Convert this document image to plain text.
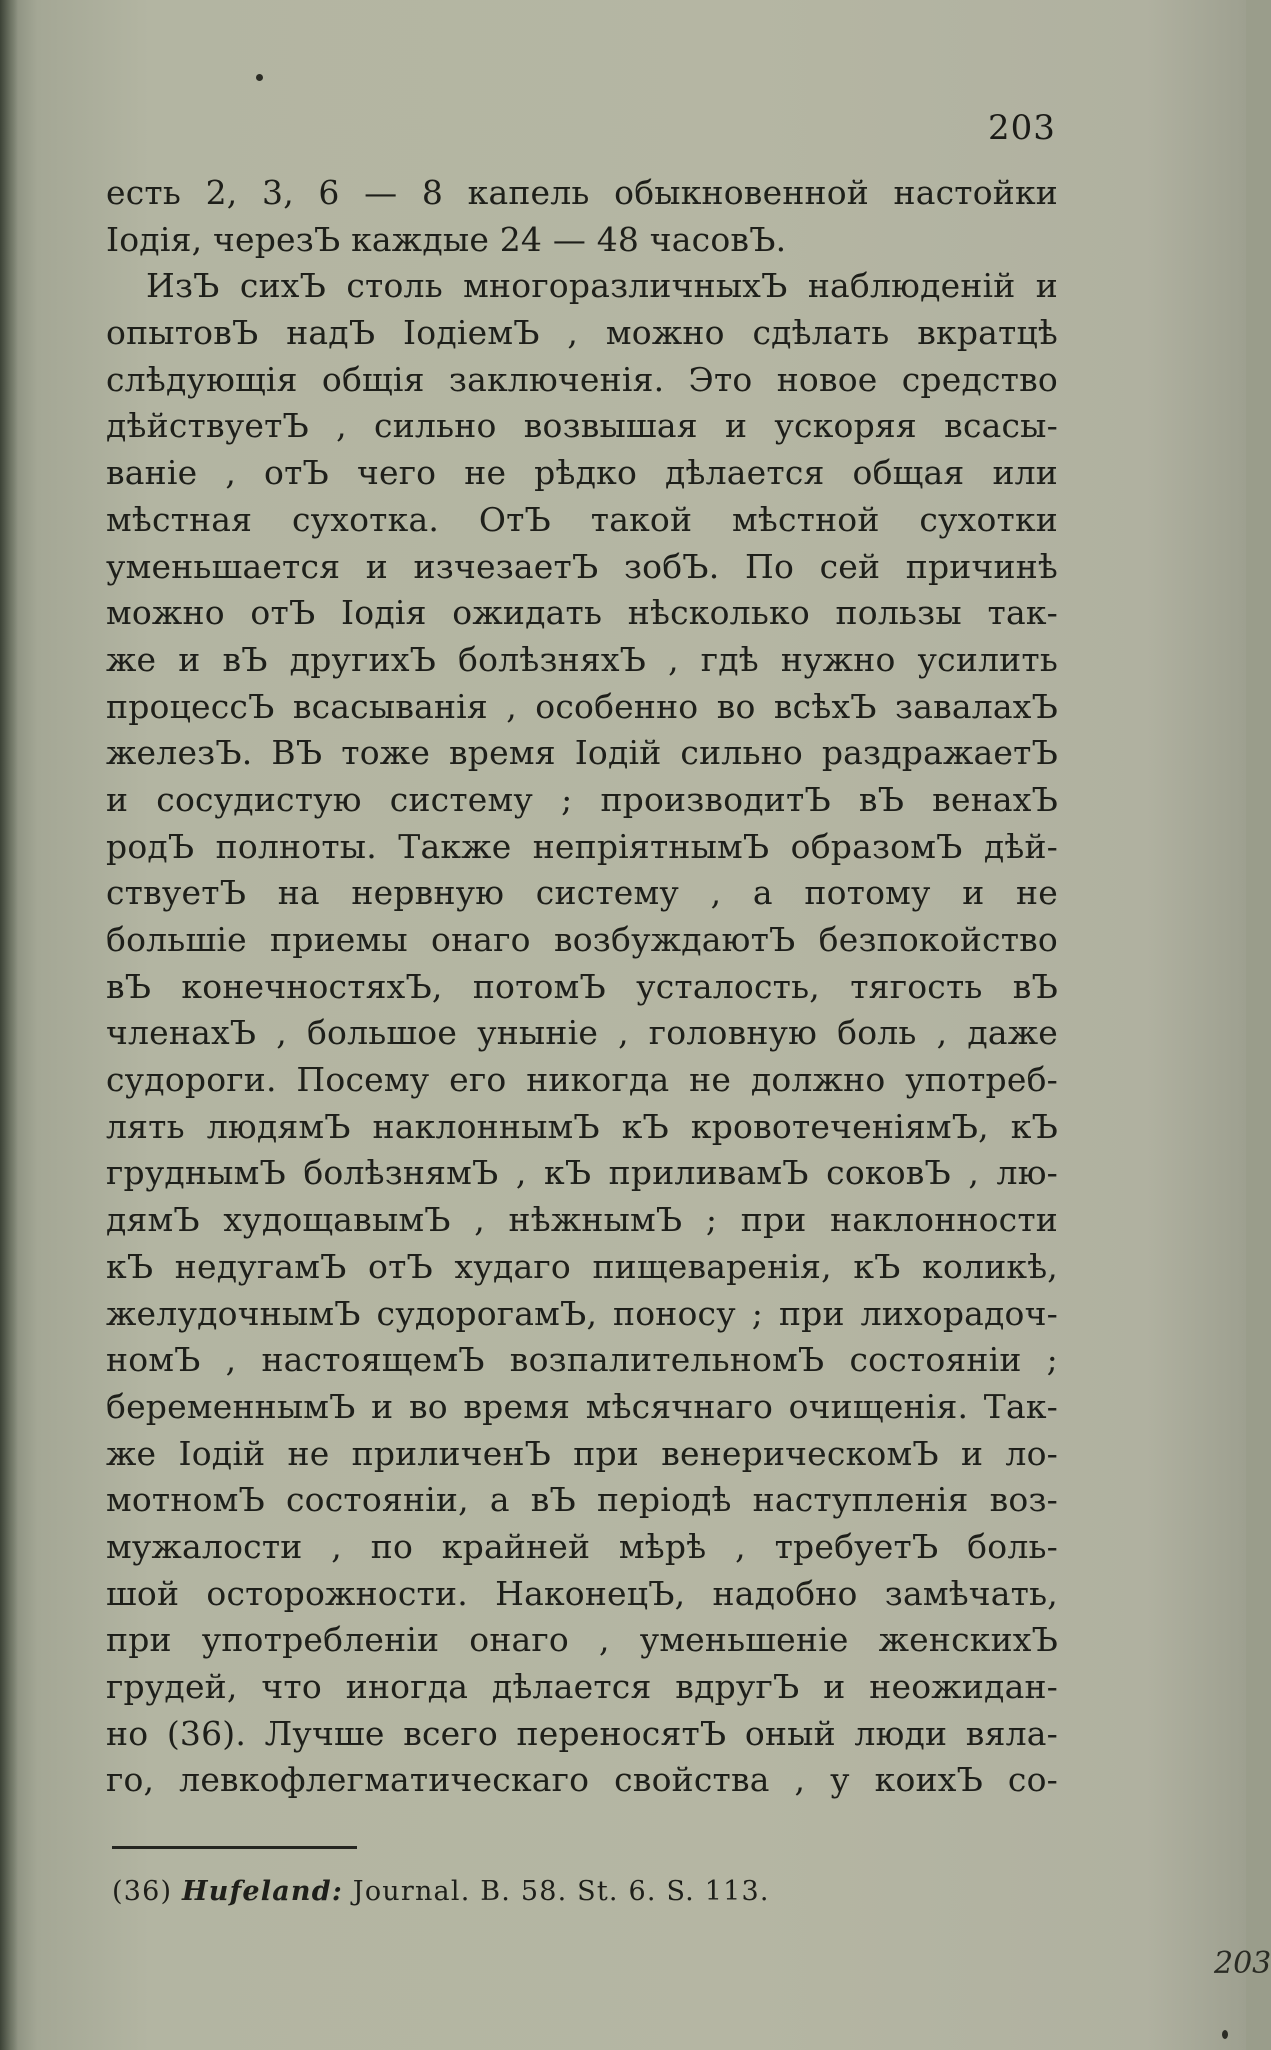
203
есть 2, 3, 6 — 8 капель обыкновенной настойки
Іодія, черезЪ каждые 24 — 48 часовЪ.
ИзЪ сихЪ столь многоразличныхЪ наблюденій и
опытовЪ надЪ ІодіемЪ , можно сдѣлать вкратцѣ
слѣдующія общія заключенія. Это новое средство
дѣйствуетЪ , сильно возвышая и ускоряя всасы-
ваніе , отЪ чего не рѣдко дѣлается общая или
мѣстная сухотка. ОтЪ такой мѣстной сухотки
уменьшается и изчезаетЪ зобЪ. По сей причинѣ
можно отЪ Іодія ожидать нѣсколько пользы так-
же и вЪ другихЪ болѣзняхЪ , гдѣ нужно усилить
процессЪ всасыванія , особенно во всѣхЪ завалахЪ
железЪ. ВЪ тоже время Іодій сильно раздражаетЪ
и сосудистую систему ; производитЪ вЪ венахЪ
родЪ полноты. Также непріятнымЪ образомЪ дѣй-
ствуетЪ на нервную систему , а потому и не
большіе приемы онаго возбуждаютЪ безпокойство
вЪ конечностяхЪ, потомЪ усталость, тягость вЪ
членахЪ , большое уныніе , головную боль , даже
судороги. Посему его никогда не должно употреб-
лять людямЪ наклоннымЪ кЪ кровотеченіямЪ, кЪ
груднымЪ болѣзнямЪ , кЪ приливамЪ соковЪ , лю-
дямЪ худощавымЪ , нѣжнымЪ ; при наклонности
кЪ недугамЪ отЪ худаго пищеваренія, кЪ коликѣ,
желудочнымЪ судорогамЪ, поносу ; при лихорадоч-
номЪ , настоящемЪ возпалительномЪ состояніи ;
беременнымЪ и во время мѣсячнаго очищенія. Так-
же Іодій не приличенЪ при венерическомЪ и ло-
мотномЪ состояніи, а вЪ періодѣ наступленія воз-
мужалости , по крайней мѣрѣ , требуетЪ боль-
шой осторожности. НаконецЪ, надобно замѣчать,
при употребленіи онаго , уменьшеніе женскихЪ
грудей, что иногда дѣлается вдругЪ и неожидан-
но (36). Лучше всего переносятЪ оный люди вяла-
го, левкофлегматическаго свойства , у коихЪ со-
(36) Hufeland: Journal. B. 58. St. 6. S. 113.
203
